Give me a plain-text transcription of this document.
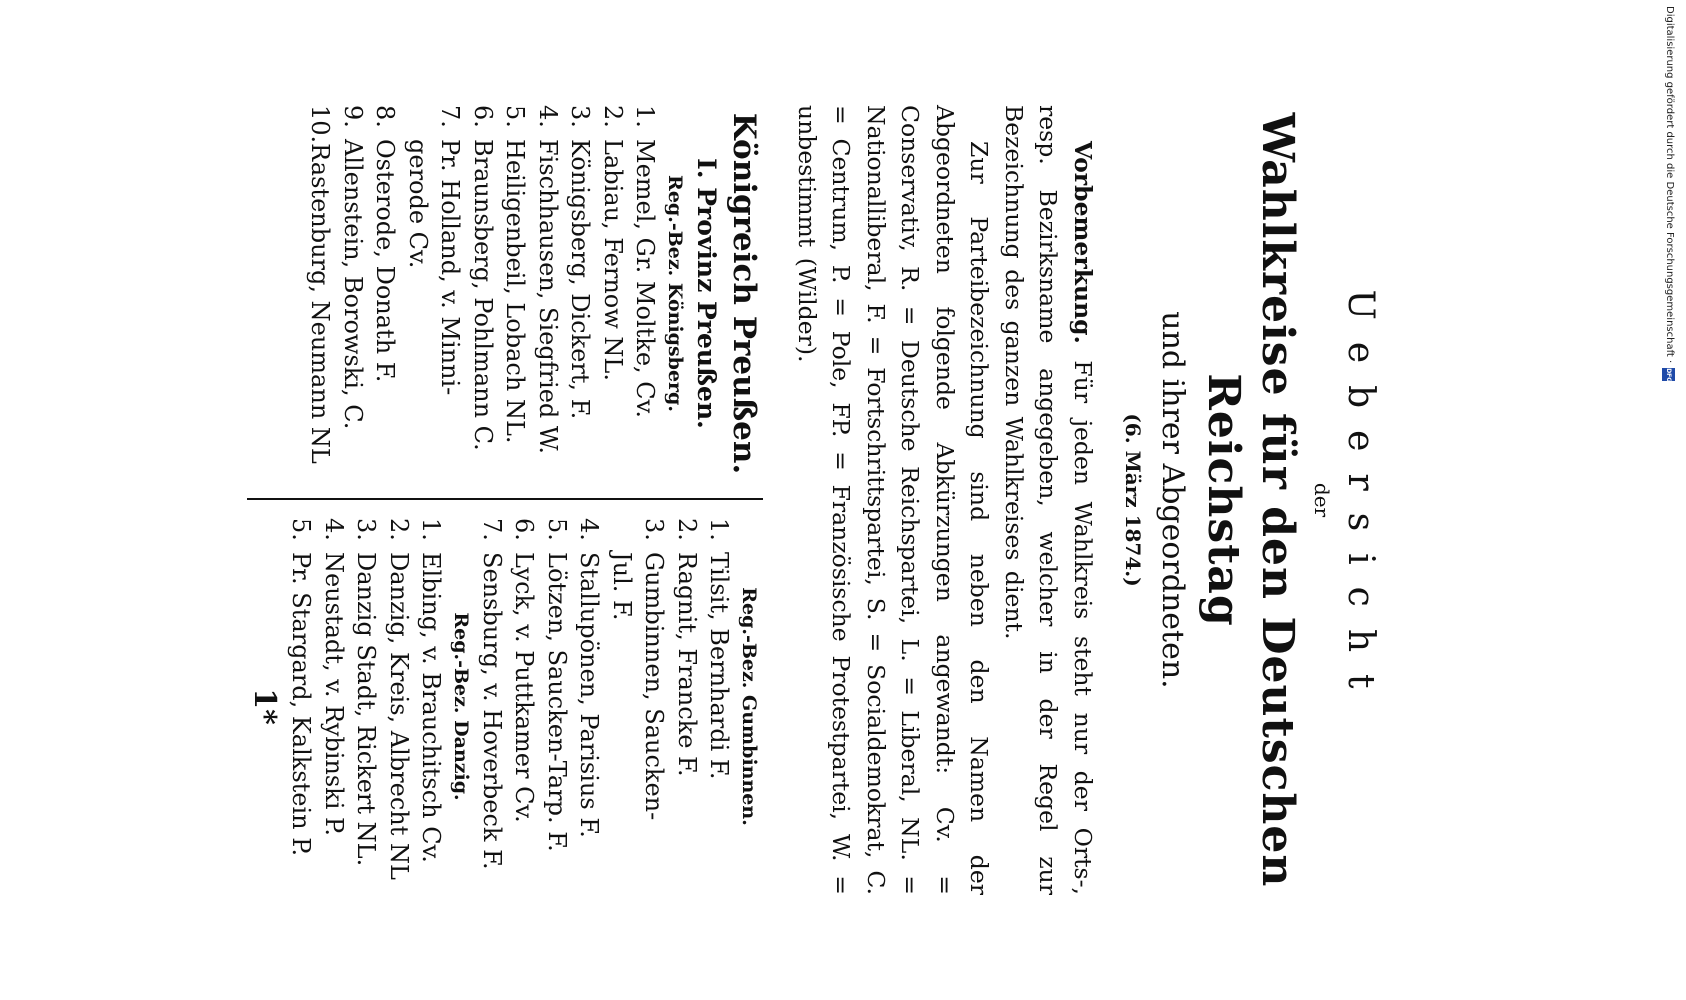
Uebersicht
der
Wahlkreise für den Deutschen Reichstag
und ihrer Abgeordneten.
(6. März 1874.)

Vorbemerkung. Für jeden Wahlkreis steht nur der Orts-, resp. Bezirksname angegeben, welcher in der Regel zur Bezeichnung des ganzen Wahlkreises dient.

Zur Parteibezeichnung sind neben den Namen der Abgeordneten folgende Abkürzungen angewandt: Cv. = Conservativ, R. = Deutsche Reichspartei, L. = Liberal, NL. = Nationalliberal, F. = Fortschrittspartei, S. = Socialdemokrat, C. = Centrum, P. = Pole, FP. = Französische Protestpartei, W. = unbestimmt (Wilder).

Königreich Preußen.
I. Provinz Preußen.
Reg.-Bez. Königsberg.
1.Memel, Gr. Moltke, Cv.
2.Labiau, Fernow NL.
3.Königsberg, Dickert, F.
4.Fischhausen, Siegfried W.
5.Heiligenbeil, Lobach NL.
6.Braunsberg, Pohlmann C.
7.Pr. Holland, v. Minni-
gerode Cv.
8.Osterode, Donath F.
9.Allenstein, Borowski, C.
10.Rastenburg, Neumann NL
Reg.-Bez. Gumbinnen.
1.Tilsit, Bernhardi F.
2.Ragnit, Francke F.
3.Gumbinnen, Saucken-
Jul. F.
4.Stallupönen, Parisius F.
5.Lötzen, Saucken-Tarp. F.
6.Lyck, v. Puttkamer Cv.
7.Sensburg, v. Hoverbeck F.
Reg.-Bez. Danzig.
1.Elbing, v. Brauchitsch Cv.
2.Danzig, Kreis, Albrecht NL
3.Danzig Stadt, Rickert NL.
4.Neustadt, v. Rybinski P.
5.Pr. Stargard, Kalkstein P.
1*
Digitalisierung gefördert durch die Deutsche Forschungsgemeinschaft ·
DFG
